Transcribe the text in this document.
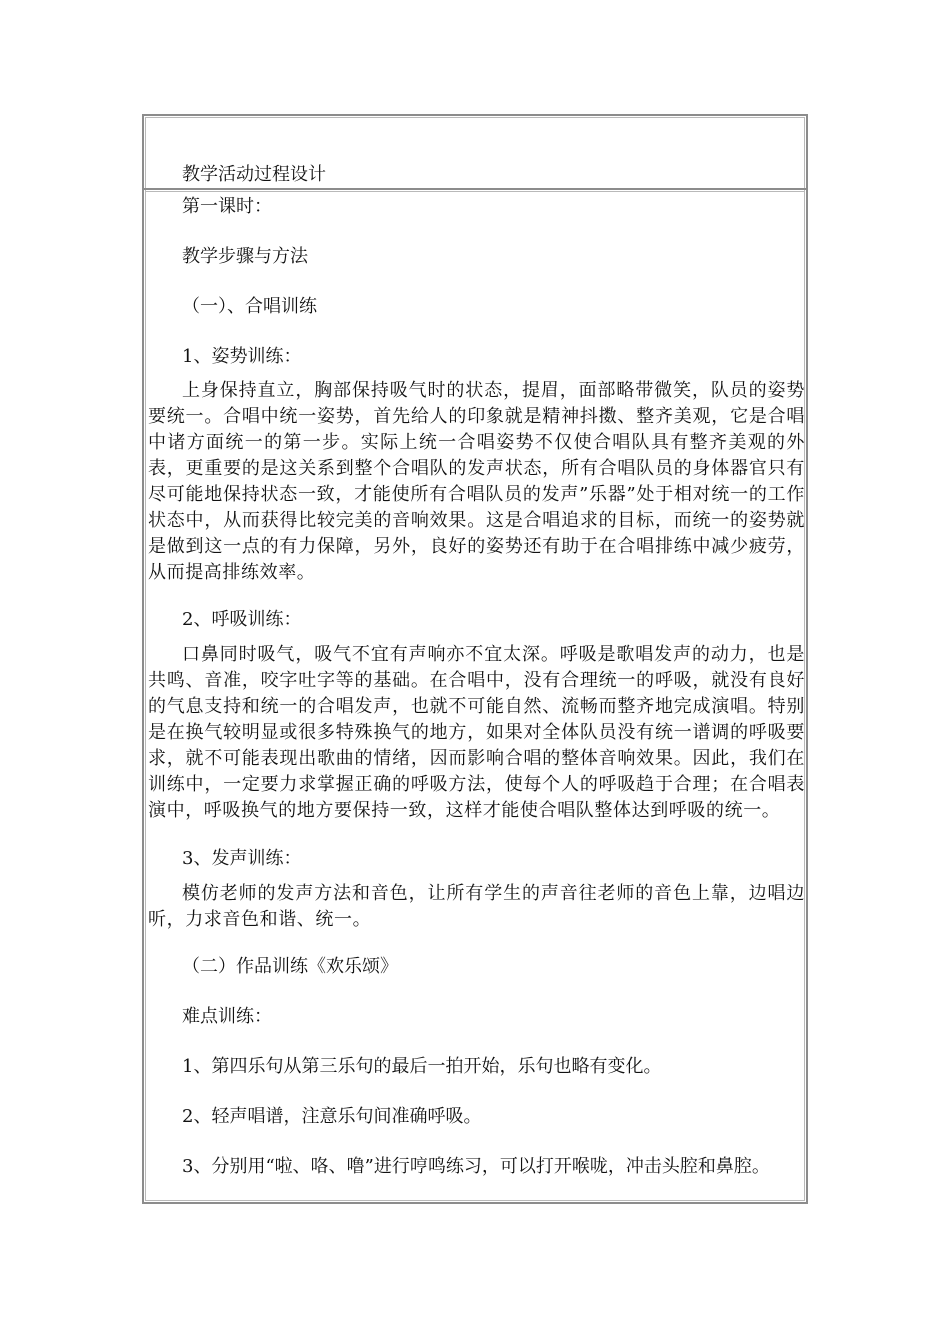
教学活动过程设计
第一课时：
教学步骤与方法
（一）、合唱训练
1、姿势训练：
上身保持直立，胸部保持吸气时的状态，提眉，面部略带微笑，队员的姿势要统一。合唱中统一姿势，首先给人的印象就是精神抖擞、整齐美观，它是合唱中诸方面统一的第一步。实际上统一合唱姿势不仅使合唱队具有整齐美观的外表，更重要的是这关系到整个合唱队的发声状态，所有合唱队员的身体器官只有尽可能地保持状态一致，才能使所有合唱队员的发声”乐器”处于相对统一的工作状态中，从而获得比较完美的音响效果。这是合唱追求的目标，而统一的姿势就是做到这一点的有力保障，另外，良好的姿势还有助于在合唱排练中减少疲劳，从而提高排练效率。
2、呼吸训练：
口鼻同时吸气，吸气不宜有声响亦不宜太深。呼吸是歌唱发声的动力，也是共鸣、音准，咬字吐字等的基础。在合唱中，没有合理统一的呼吸，就没有良好的气息支持和统一的合唱发声，也就不可能自然、流畅而整齐地完成演唱。特别是在换气较明显或很多特殊换气的地方，如果对全体队员没有统一谱调的呼吸要求，就不可能表现出歌曲的情绪，因而影响合唱的整体音响效果。因此，我们在训练中，一定要力求掌握正确的呼吸方法，使每个人的呼吸趋于合理；在合唱表演中，呼吸换气的地方要保持一致，这样才能使合唱队整体达到呼吸的统一。
3、发声训练：
模仿老师的发声方法和音色，让所有学生的声音往老师的音色上靠，边唱边听，力求音色和谐、统一。
（二）作品训练《欢乐颂》
难点训练：
1、第四乐句从第三乐句的最后一拍开始，乐句也略有变化。
2、轻声唱谱，注意乐句间准确呼吸。
3、分别用“啦、咯、噜”进行哼鸣练习，可以打开喉咙，冲击头腔和鼻腔。
